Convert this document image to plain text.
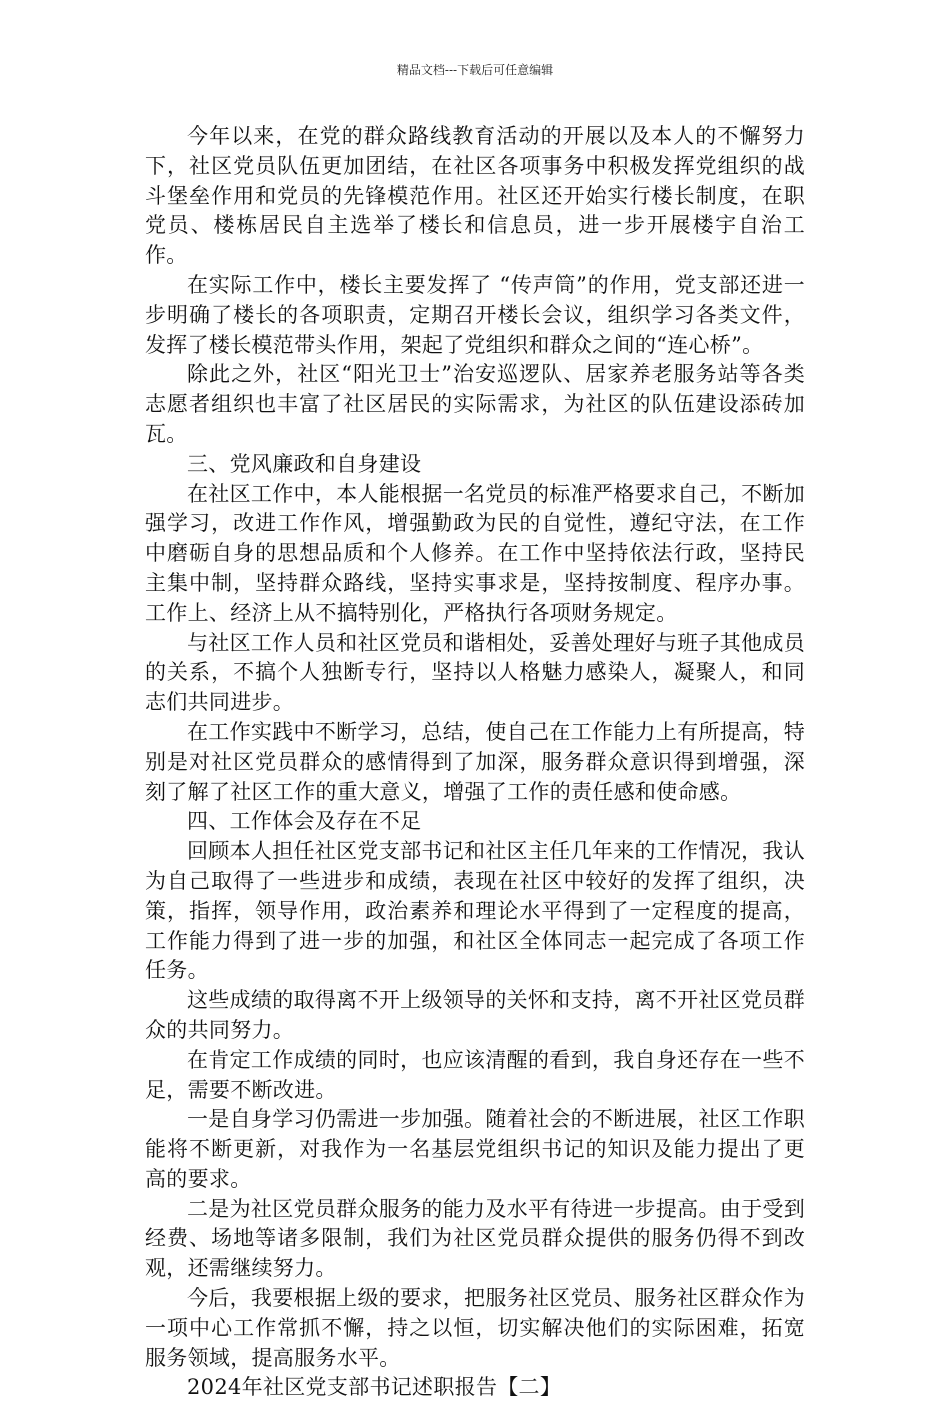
精品文档---下载后可任意编辑

今年以来，在党的群众路线教育活动的开展以及本人的不懈努力下，社区党员队伍更加团结，在社区各项事务中积极发挥党组织的战斗堡垒作用和党员的先锋模范作用。社区还开始实行楼长制度，在职党员、楼栋居民自主选举了楼长和信息员，进一步开展楼宇自治工作。

在实际工作中，楼长主要发挥了 “传声筒”的作用，党支部还进一步明确了楼长的各项职责，定期召开楼长会议，组织学习各类文件，发挥了楼长模范带头作用，架起了党组织和群众之间的“连心桥”。

除此之外，社区“阳光卫士”治安巡逻队、居家养老服务站等各类志愿者组织也丰富了社区居民的实际需求，为社区的队伍建设添砖加瓦。

三、党风廉政和自身建设

在社区工作中，本人能根据一名党员的标准严格要求自己，不断加强学习，改进工作作风，增强勤政为民的自觉性，遵纪守法，在工作中磨砺自身的思想品质和个人修养。在工作中坚持依法行政，坚持民主集中制，坚持群众路线，坚持实事求是，坚持按制度、程序办事。工作上、经济上从不搞特别化，严格执行各项财务规定。

与社区工作人员和社区党员和谐相处，妥善处理好与班子其他成员的关系，不搞个人独断专行，坚持以人格魅力感染人，凝聚人，和同志们共同进步。

在工作实践中不断学习，总结，使自己在工作能力上有所提高，特别是对社区党员群众的感情得到了加深，服务群众意识得到增强，深刻了解了社区工作的重大意义，增强了工作的责任感和使命感。

四、工作体会及存在不足

回顾本人担任社区党支部书记和社区主任几年来的工作情况，我认为自己取得了一些进步和成绩，表现在社区中较好的发挥了组织，决策，指挥，领导作用，政治素养和理论水平得到了一定程度的提高，工作能力得到了进一步的加强，和社区全体同志一起完成了各项工作任务。

这些成绩的取得离不开上级领导的关怀和支持，离不开社区党员群众的共同努力。

在肯定工作成绩的同时，也应该清醒的看到，我自身还存在一些不足，需要不断改进。

一是自身学习仍需进一步加强。随着社会的不断进展，社区工作职能将不断更新，对我作为一名基层党组织书记的知识及能力提出了更高的要求。

二是为社区党员群众服务的能力及水平有待进一步提高。由于受到经费、场地等诸多限制，我们为社区党员群众提供的服务仍得不到改观，还需继续努力。

今后，我要根据上级的要求，把服务社区党员、服务社区群众作为一项中心工作常抓不懈，持之以恒，切实解决他们的实际困难，拓宽服务领域，提高服务水平。

2024年社区党支部书记述职报告【二】
